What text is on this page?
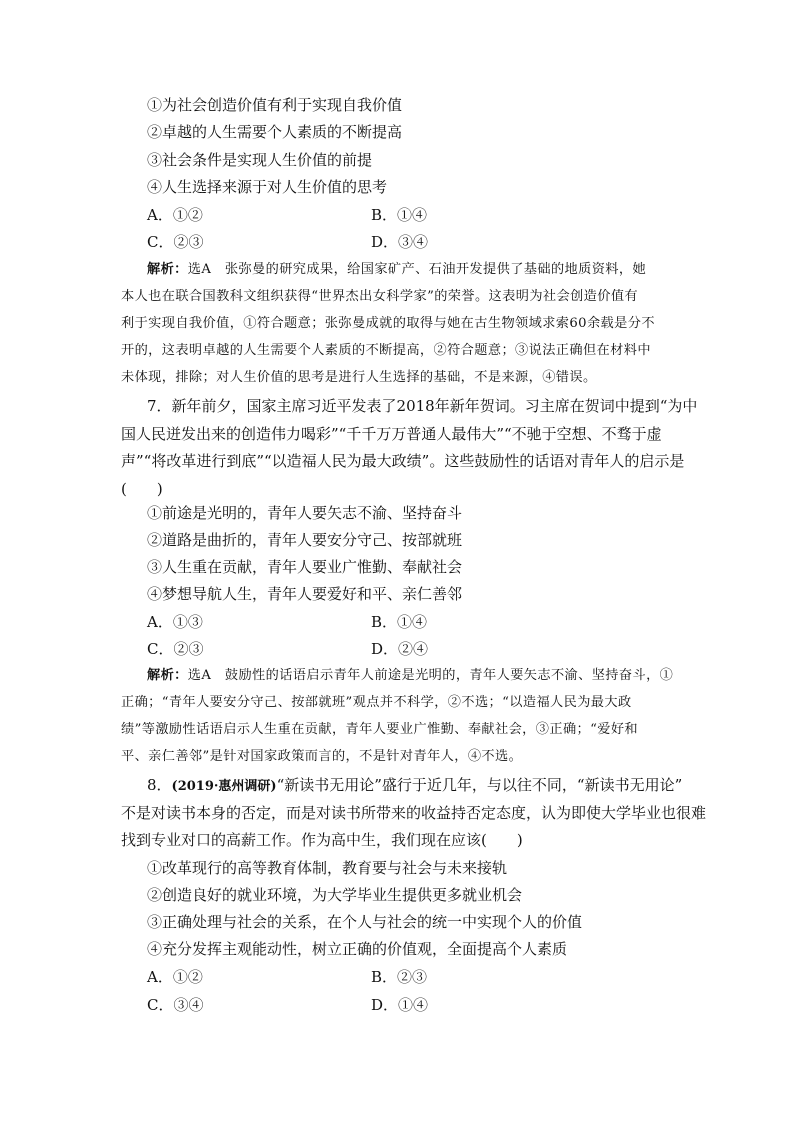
①为社会创造价值有利于实现自我价值
②卓越的人生需要个人素质的不断提高
③社会条件是实现人生价值的前提
④人生选择来源于对人生价值的思考
A．①②	B．①④
C．②③	D．③④
解析：选A　张弥曼的研究成果，给国家矿产、石油开发提供了基础的地质资料，她
本人也在联合国教科文组织获得“世界杰出女科学家”的荣誉。这表明为社会创造价值有
利于实现自我价值，①符合题意；张弥曼成就的取得与她在古生物领域求索60余载是分不
开的，这表明卓越的人生需要个人素质的不断提高，②符合题意；③说法正确但在材料中
未体现，排除；对人生价值的思考是进行人生选择的基础，不是来源，④错误。
7．新年前夕，国家主席习近平发表了2018年新年贺词。习主席在贺词中提到“为中
国人民迸发出来的创造伟力喝彩”“千千万万普通人最伟大”“不驰于空想、不骛于虚
声”“将改革进行到底”“以造福人民为最大政绩”。这些鼓励性的话语对青年人的启示是
(　　)
①前途是光明的，青年人要矢志不渝、坚持奋斗
②道路是曲折的，青年人要安分守己、按部就班
③人生重在贡献，青年人要业广惟勤、奉献社会
④梦想导航人生，青年人要爱好和平、亲仁善邻
A．①③	B．①④
C．②③	D．②④
解析：选A　鼓励性的话语启示青年人前途是光明的，青年人要矢志不渝、坚持奋斗，①
正确；“青年人要安分守己、按部就班”观点并不科学，②不选；“以造福人民为最大政
绩”等激励性话语启示人生重在贡献，青年人要业广惟勤、奉献社会，③正确；“爱好和
平、亲仁善邻”是针对国家政策而言的，不是针对青年人，④不选。
8．(2019·惠州调研)“新读书无用论”盛行于近几年，与以往不同，“新读书无用论”
不是对读书本身的否定，而是对读书所带来的收益持否定态度，认为即使大学毕业也很难
找到专业对口的高薪工作。作为高中生，我们现在应该(　　)
①改革现行的高等教育体制，教育要与社会与未来接轨
②创造良好的就业环境，为大学毕业生提供更多就业机会
③正确处理与社会的关系，在个人与社会的统一中实现个人的价值
④充分发挥主观能动性，树立正确的价值观，全面提高个人素质
A．①②	B．②③
C．③④	D．①④
